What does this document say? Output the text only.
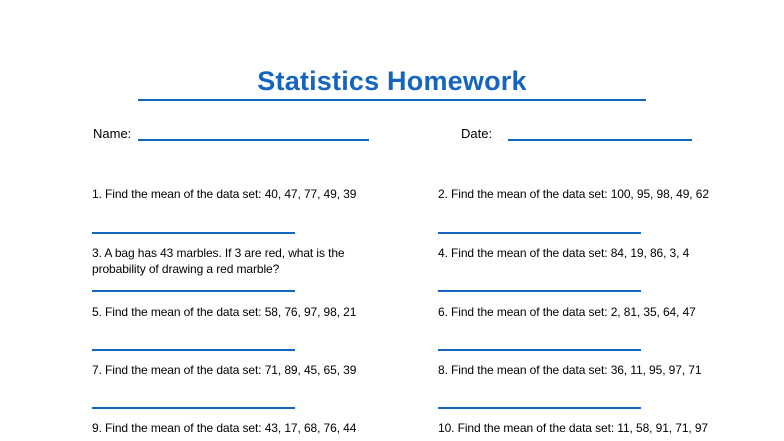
Statistics Homework
Name:	Date:
1. Find the mean of the data set: 40, 47, 77, 49, 39	2. Find the mean of the data set: 100, 95, 98, 49, 62
3. A bag has 43 marbles. If 3 are red, what is the probability of drawing a red marble?
4. Find the mean of the data set: 84, 19, 86, 3, 4
5. Find the mean of the data set: 58, 76, 97, 98, 21	6. Find the mean of the data set: 2, 81, 35, 64, 47
7. Find the mean of the data set: 71, 89, 45, 65, 39	8. Find the mean of the data set: 36, 11, 95, 97, 71
9. Find the mean of the data set: 43, 17, 68, 76, 44	10. Find the mean of the data set: 11, 58, 91, 71, 97
